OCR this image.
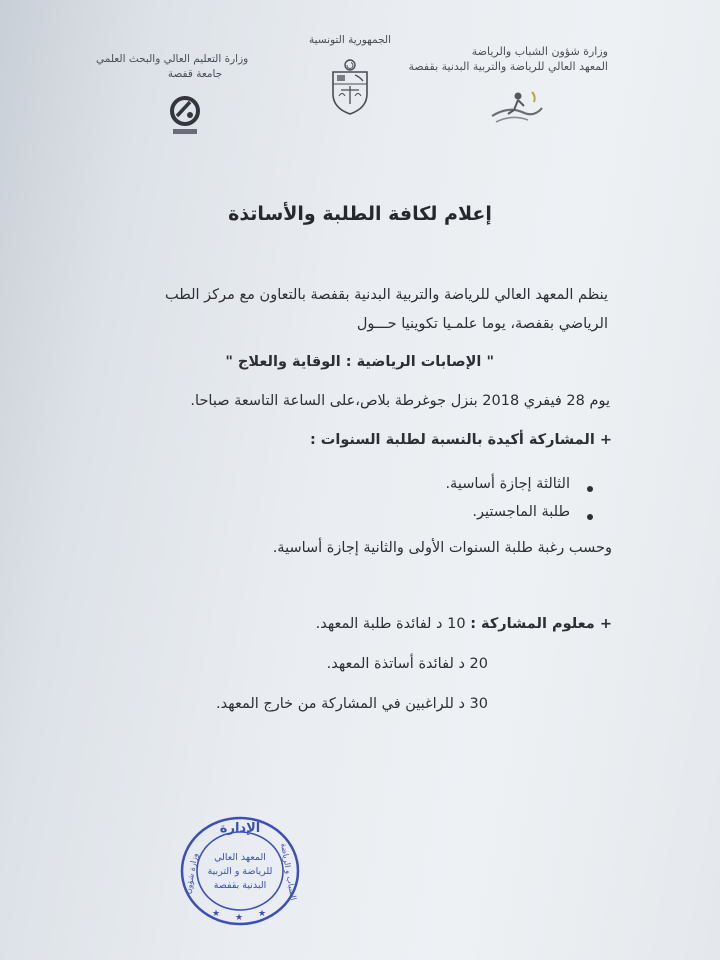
وزارة شؤون الشباب والرياضة
المعهد العالي للرياضة والتربية البدنية بقفصة
الجمهورية التونسية
وزارة التعليم العالي والبحث العلمي
جامعة قفصة
إعلام لكافة الطلبة والأساتذة
ينظم المعهد العالي للرياضة والتربية البدنية بقفصة بالتعاون مع مركز الطب
الرياضي بقفصة، يوما علمـيا تكوينيا حـــول
" الإصابات الرياضية : الوقاية والعلاج "
يوم 28 فيفري 2018 بنزل جوغرطة بلاص،على الساعة التاسعة صباحا.
+ المشاركة أكيدة بالنسبة لطلبة السنوات :
الثالثة إجازة أساسية.
طلبة الماجستير.
وحسب رغبة طلبة السنوات الأولى والثانية إجازة أساسية.
+ معلوم المشاركة : 10 د لفائدة طلبة المعهد.
20 د لفائدة أساتذة المعهد.
30 د للراغبين في المشاركة من خارج المعهد.
الإدارة
المعهد العالي
للرياضة و التربية
البدنية بقفصة
وزارة شؤون	الشباب و الرياضة
★ ★ ★
